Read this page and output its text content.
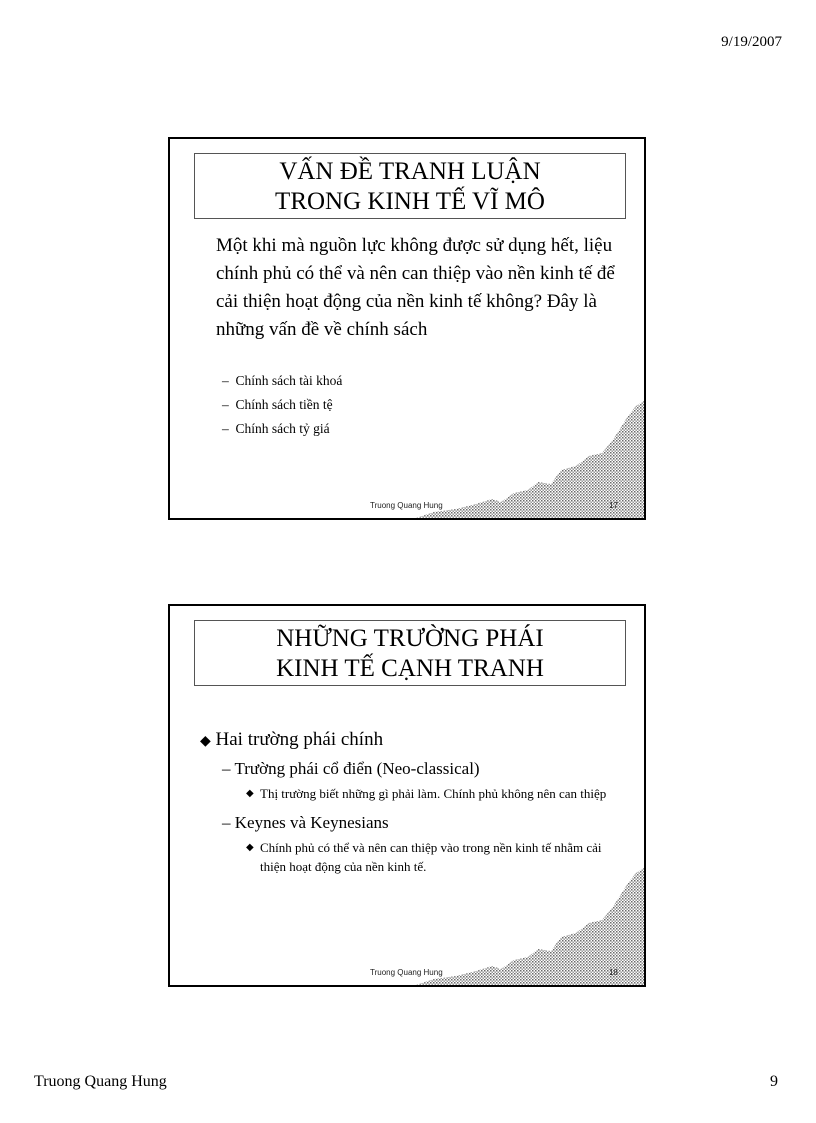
9/19/2007
VẤN ĐỀ TRANH LUẬN
TRONG KINH TẾ VĨ MÔ
Một khi mà nguồn lực không được sử dụng hết, liệu chính phủ có thể và nên can thiệp vào nền kinh tế để cải thiện hoạt động của nền kinh tế không? Đây là những vấn đề về chính sách
–  Chính sách tài khoá
–  Chính sách tiền tệ
–  Chính sách tỷ giá
Truong Quang Hung	17
NHỮNG TRƯỜNG PHÁI
KINH TẾ CẠNH TRANH
◆ Hai trường phái chính
– Trường phái cổ điển (Neo-classical)
◆ Thị trường biết những gì phải làm. Chính phủ không nên can thiệp
– Keynes và Keynesians
◆ Chính phủ có thể và nên can thiệp vào trong nền kinh tế nhằm cải thiện hoạt động của nền kinh tế.
Truong Quang Hung	18
Truong Quang Hung	9
